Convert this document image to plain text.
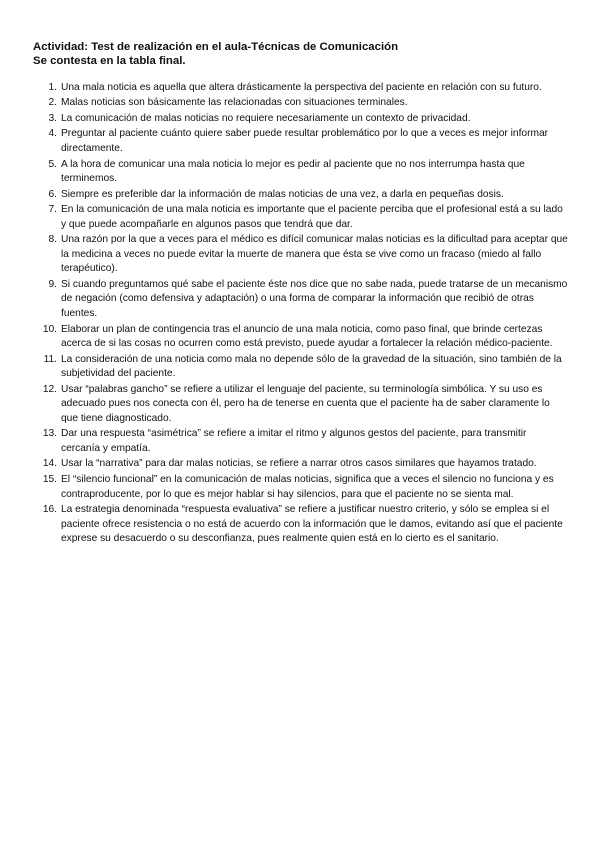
Actividad: Test de realización en el aula-Técnicas de Comunicación

Se contesta en la tabla final.

1 . Una mala noticia es aquella que altera drásticamente la perspectiva del paciente en relación con su futuro.
2 . Malas noticias son básicamente las relacionadas con situaciones terminales.
3 . La comunicación de malas noticias no requiere necesariamente un contexto de privacidad.
4 . Preguntar al paciente cuánto quiere saber puede resultar problemático por lo que a veces es mejor informar directamente.
5 . A la hora de comunicar una mala noticia lo mejor es pedir al paciente que no nos interrumpa hasta que terminemos.
6 . Siempre es preferible dar la información de malas noticias de una vez, a darla en pequeñas dosis.
7 . En la comunicación de una mala noticia es importante que el paciente perciba que el profesional está a su lado y que puede acompañarle en algunos pasos que tendrá que dar.
8 . Una razón por la que a veces para el médico es difícil comunicar malas noticias es la dificultad para aceptar que la medicina a veces no puede evitar la muerte de manera que ésta se vive como un fracaso (miedo al fallo terapéutico).
9 . Si cuando preguntamos qué sabe el paciente éste nos dice que no sabe nada, puede tratarse de un mecanismo de negación (como defensiva y adaptación) o una forma de comparar la información que recibió de otras fuentes.
10 . Elaborar un plan de contingencia tras el anuncio de una mala noticia, como paso final, que brinde certezas acerca de si las cosas no ocurren como está previsto, puede ayudar a fortalecer la relación médico-paciente.
11 . La consideración de una noticia como mala no depende sólo de la gravedad de la situación, sino también de la subjetividad del paciente.
12 . Usar “palabras gancho” se refiere a utilizar el lenguaje del paciente, su terminología simbólica. Y su uso es adecuado pues nos conecta con él, pero ha de tenerse en cuenta que el paciente ha de saber claramente lo que tiene diagnosticado.
13 . Dar una respuesta “asimétrica” se refiere a imitar el ritmo y algunos gestos del paciente, para transmitir cercanía y empatía.
14 . Usar la “narrativa” para dar malas noticias, se refiere a narrar otros casos similares que hayamos tratado.
15 . El “silencio funcional” en la comunicación de malas noticias, significa que a veces el silencio no funciona y es contraproducente, por lo que es mejor hablar si hay silencios, para que el paciente no se sienta mal.
16 . La estrategia denominada “respuesta evaluativa” se refiere a justificar nuestro criterio, y sólo se emplea si el paciente ofrece resistencia o no está de acuerdo con la información que le damos, evitando así que el paciente exprese su desacuerdo o su desconfianza, pues realmente quien está en lo cierto es el sanitario.
